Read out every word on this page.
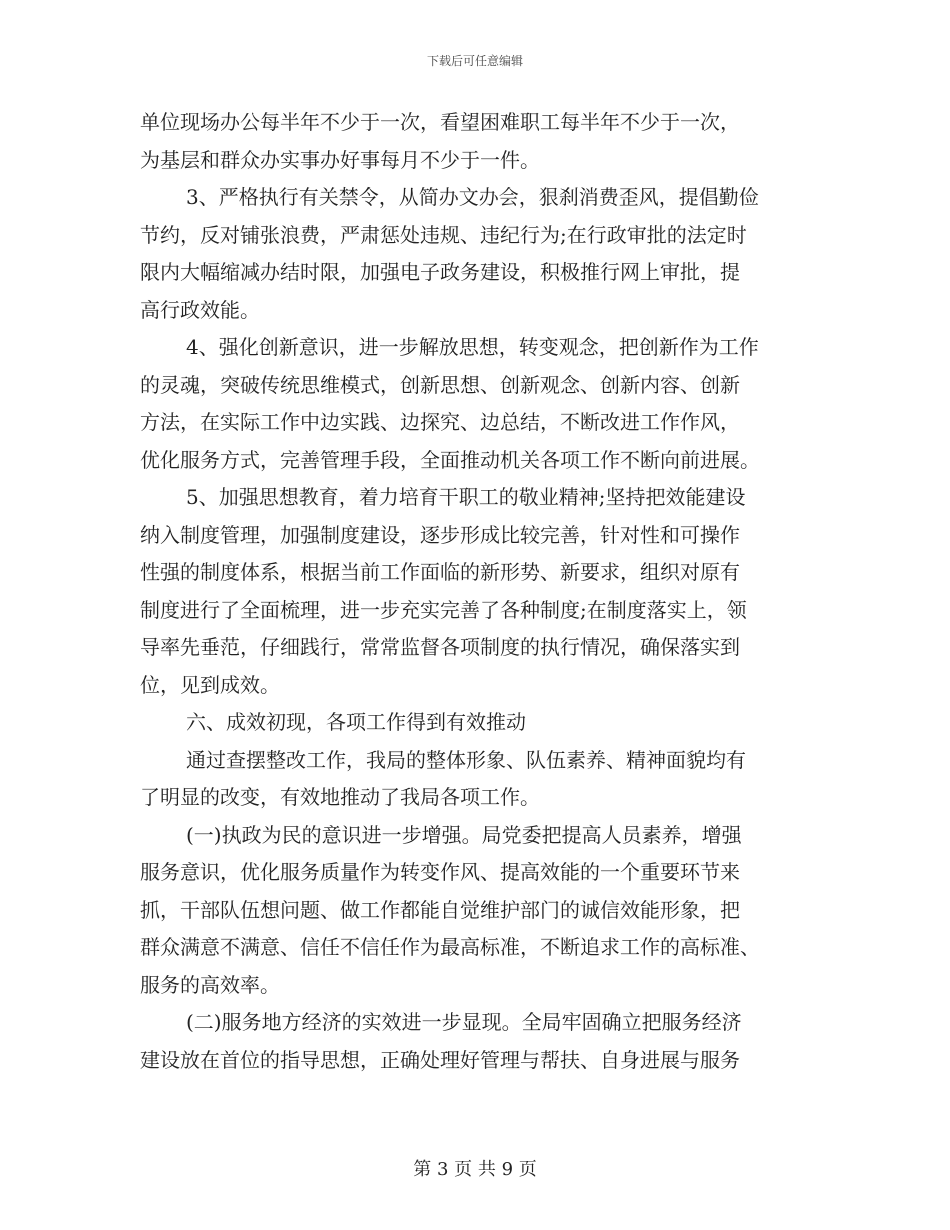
下载后可任意编辑
单位现场办公每半年不少于一次，看望困难职工每半年不少于一次，
为基层和群众办实事办好事每月不少于一件。
3、严格执行有关禁令，从简办文办会，狠刹消费歪风，提倡勤俭
节约，反对铺张浪费，严肃惩处违规、违纪行为;在行政审批的法定时
限内大幅缩减办结时限，加强电子政务建设，积极推行网上审批，提
高行政效能。
4、强化创新意识，进一步解放思想，转变观念，把创新作为工作
的灵魂，突破传统思维模式，创新思想、创新观念、创新内容、创新
方法，在实际工作中边实践、边探究、边总结，不断改进工作作风，
优化服务方式，完善管理手段，全面推动机关各项工作不断向前进展。
5、加强思想教育，着力培育干职工的敬业精神;坚持把效能建设
纳入制度管理，加强制度建设，逐步形成比较完善，针对性和可操作
性强的制度体系，根据当前工作面临的新形势、新要求，组织对原有
制度进行了全面梳理，进一步充实完善了各种制度;在制度落实上，领
导率先垂范，仔细践行，常常监督各项制度的执行情况，确保落实到
位，见到成效。
六、成效初现，各项工作得到有效推动
通过查摆整改工作，我局的整体形象、队伍素养、精神面貌均有
了明显的改变，有效地推动了我局各项工作。
(一)执政为民的意识进一步增强。局党委把提高人员素养，增强
服务意识，优化服务质量作为转变作风、提高效能的一个重要环节来
抓，干部队伍想问题、做工作都能自觉维护部门的诚信效能形象，把
群众满意不满意、信任不信任作为最高标准，不断追求工作的高标准、
服务的高效率。
(二)服务地方经济的实效进一步显现。全局牢固确立把服务经济
建设放在首位的指导思想，正确处理好管理与帮扶、自身进展与服务
第 3 页 共 9 页
